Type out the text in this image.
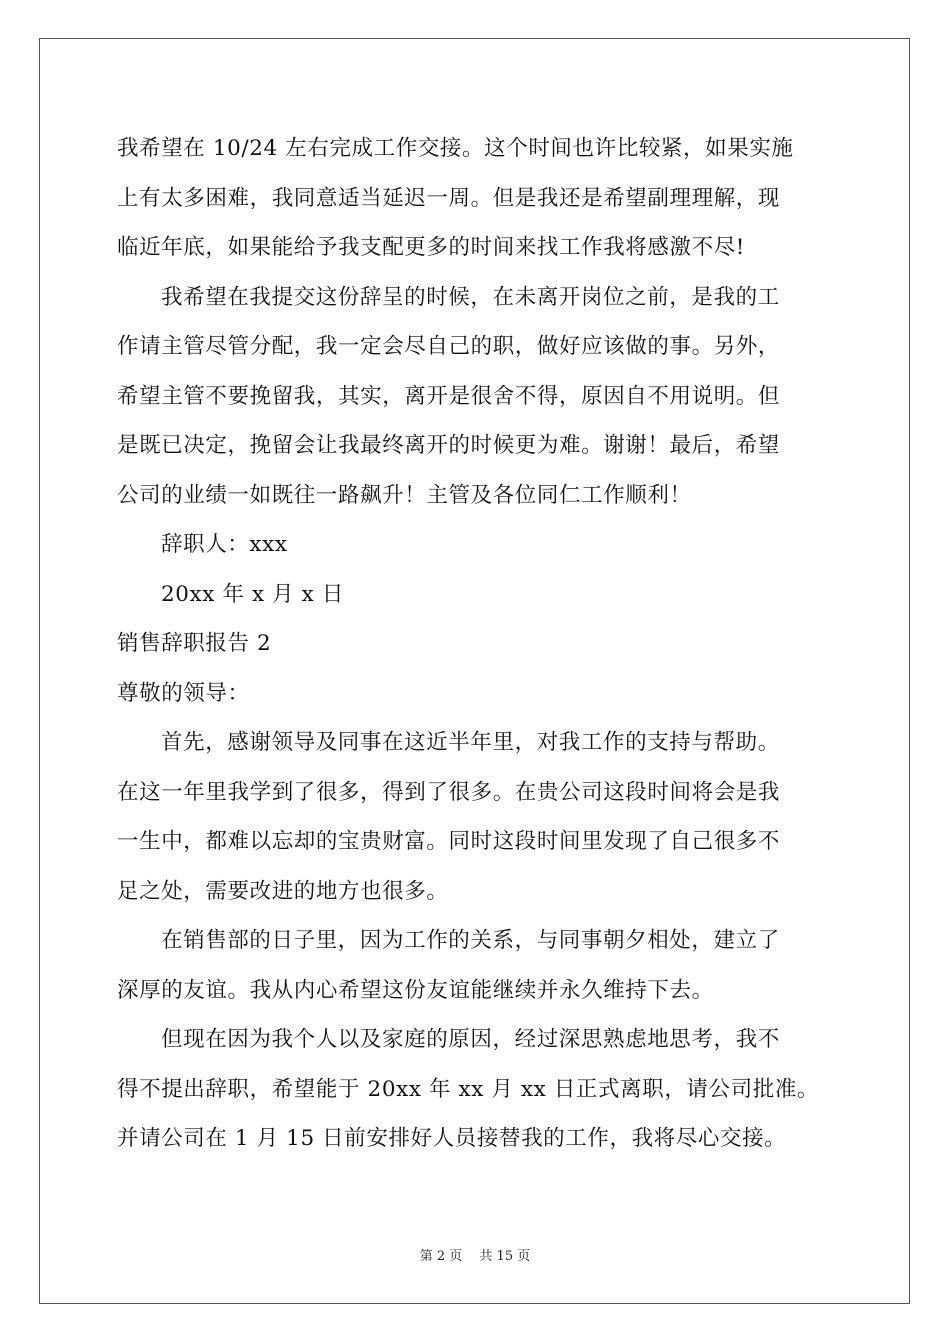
我希望在 10/24 左右完成工作交接。这个时间也许比较紧，如果实施
上有太多困难，我同意适当延迟一周。但是我还是希望副理理解，现
临近年底，如果能给予我支配更多的时间来找工作我将感激不尽!
我希望在我提交这份辞呈的时候，在未离开岗位之前，是我的工
作请主管尽管分配，我一定会尽自己的职，做好应该做的事。另外，
希望主管不要挽留我，其实，离开是很舍不得，原因自不用说明。但
是既已决定，挽留会让我最终离开的时候更为难。谢谢！最后，希望
公司的业绩一如既往一路飙升！主管及各位同仁工作顺利！
辞职人：xxx
20xx 年 x 月 x 日
销售辞职报告 2
尊敬的领导：
首先，感谢领导及同事在这近半年里，对我工作的支持与帮助。
在这一年里我学到了很多，得到了很多。在贵公司这段时间将会是我
一生中，都难以忘却的宝贵财富。同时这段时间里发现了自己很多不
足之处，需要改进的地方也很多。
在销售部的日子里，因为工作的关系，与同事朝夕相处，建立了
深厚的友谊。我从内心希望这份友谊能继续并永久维持下去。
但现在因为我个人以及家庭的原因，经过深思熟虑地思考，我不
得不提出辞职，希望能于 20xx 年 xx 月 xx 日正式离职，请公司批准。
并请公司在 1 月 15 日前安排好人员接替我的工作，我将尽心交接。
第 2 页　 共 15 页
